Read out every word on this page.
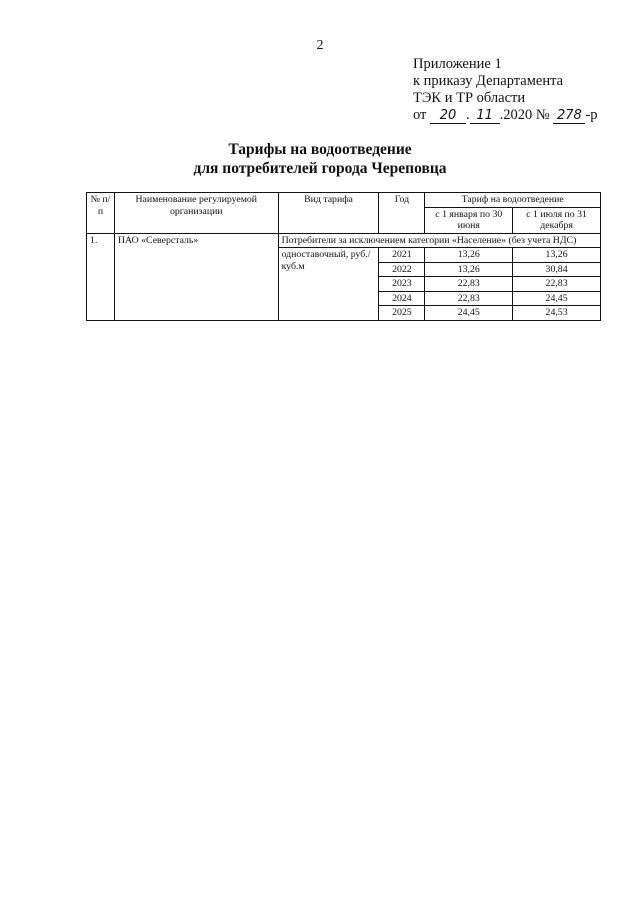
2
Приложение 1
к приказу Департамента
ТЭК и ТР области
от 20 . 11 .2020 № 278 -р
Тарифы на водоотведение
для потребителей города Череповца
№ п/п	Наименование регулируемой организации	Вид тарифа	Год	Тариф на водоотведение	
				с 1 января по 30 июня	с 1 июля по 31 декабря
1.	ПАО «Северсталь»	Потребители за исключением категории «Население» (без учета НДС)			
		одноставочный, руб./куб.м	2021	13,26	13,26
			2022	13,26	30,84
			2023	22,83	22,83
			2024	22,83	24,45
			2025	24,45	24,53
